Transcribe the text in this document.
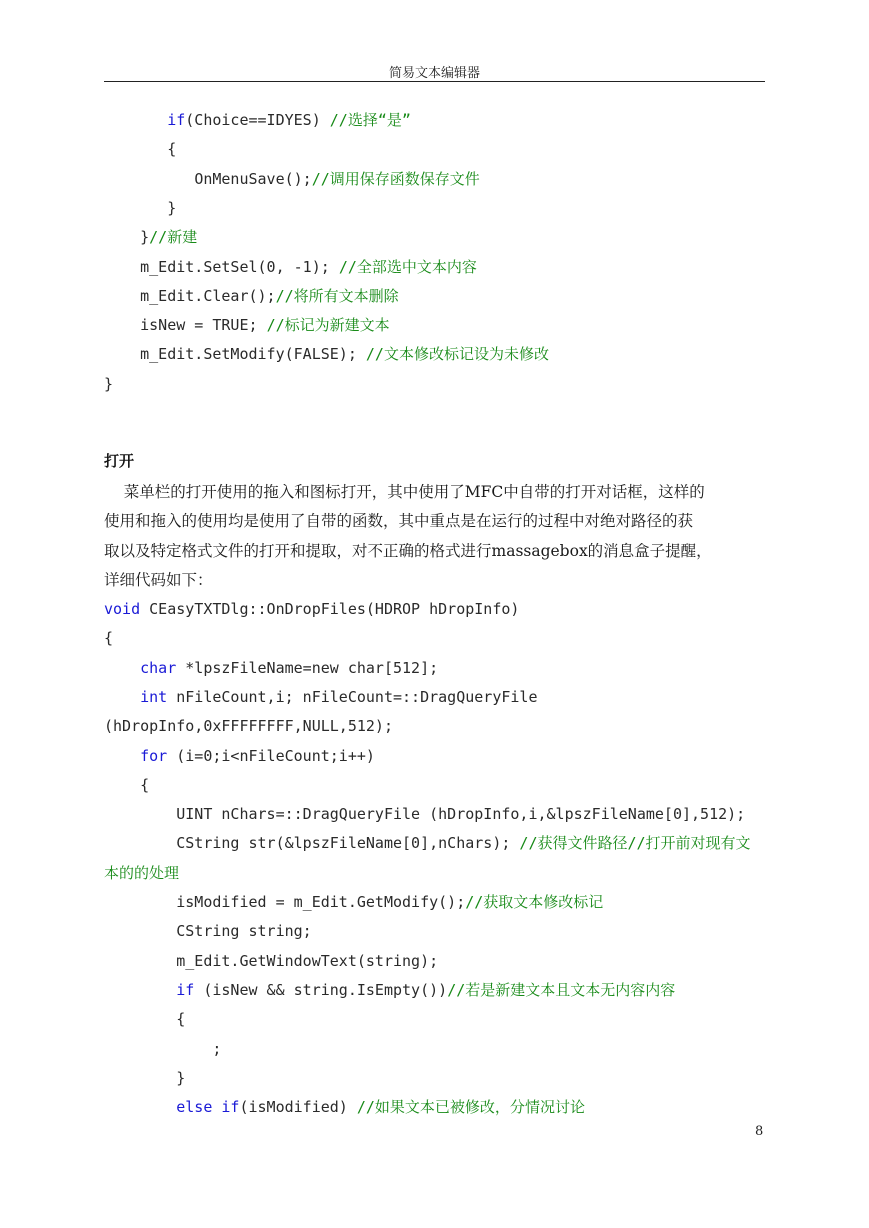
简易文本编辑器
if(Choice==IDYES) //选择“是”
{
OnMenuSave();//调用保存函数保存文件
}
}//新建
m_Edit.SetSel(0, -1); //全部选中文本内容
m_Edit.Clear();//将所有文本删除
isNew = TRUE; //标记为新建文本
m_Edit.SetModify(FALSE); //文本修改标记设为未修改
}
打开
菜单栏的打开使用的拖入和图标打开，其中使用了MFC中自带的打开对话框，这样的
使用和拖入的使用均是使用了自带的函数，其中重点是在运行的过程中对绝对路径的获
取以及特定格式文件的打开和提取，对不正确的格式进行massagebox的消息盒子提醒，
详细代码如下：
void CEasyTXTDlg::OnDropFiles(HDROP hDropInfo)
{
char *lpszFileName=new char[512];
int nFileCount,i; nFileCount=::DragQueryFile
(hDropInfo,0xFFFFFFFF,NULL,512);
for (i=0;i<nFileCount;i++)
{
UINT nChars=::DragQueryFile (hDropInfo,i,&lpszFileName[0],512);
CString str(&lpszFileName[0],nChars); //获得文件路径//打开前对现有文
本的的处理
isModified = m_Edit.GetModify();//获取文本修改标记
CString string;
m_Edit.GetWindowText(string);
if (isNew && string.IsEmpty())//若是新建文本且文本无内容内容
{
;
}
else if(isModified) //如果文本已被修改，分情况讨论
8
